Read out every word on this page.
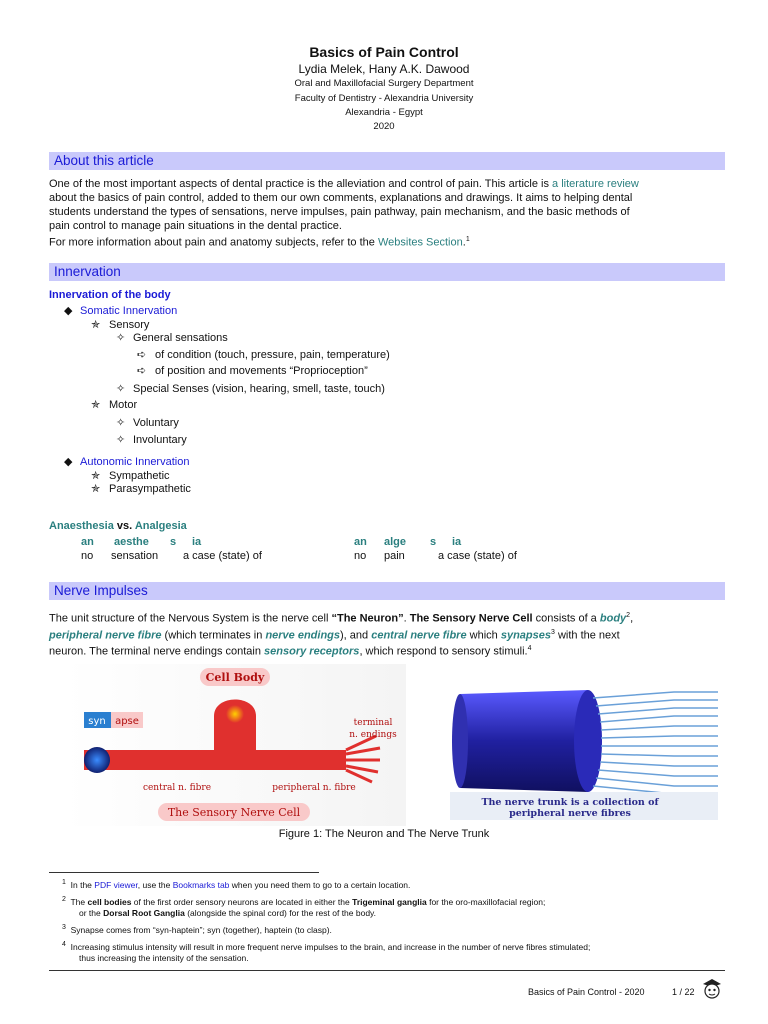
Basics of Pain Control
Lydia Melek, Hany A.K. Dawood
Oral and Maxillofacial Surgery Department
Faculty of Dentistry - Alexandria University
Alexandria - Egypt
2020
About this article
One of the most important aspects of dental practice is the alleviation and control of pain. This article is a literature review
about the basics of pain control, added to them our own comments, explanations and drawings. It aims to helping dental
students understand the types of sensations, nerve impulses, pain pathway, pain mechanism, and the basic methods of
pain control to manage pain situations in the dental practice.
For more information about pain and anatomy subjects, refer to the Websites Section.$^1$
Innervation
Innervation of the body
◆ Somatic Innervation
✯ Sensory
✧ General sensations
➪ of condition (touch, pressure, pain, temperature)
➪ of position and movements “Proprioception”
✧ Special Senses (vision, hearing, smell, taste, touch)
✯ Motor
✧ Voluntary
✧ Involuntary
◆ Autonomic Innervation
✯ Sympathetic
✯ Parasympathetic
Anaesthesia vs. Analgesia
an aesthe s ia	an alge s ia
no sensation a case (state) of	no pain	a case (state) of
Nerve Impulses
The unit structure of the Nervous System is the nerve cell “The Neuron”. The Sensory Nerve Cell consists of a body$^2$,
peripheral nerve fibre (which terminates in nerve endings), and central nerve fibre which synapses$^3$ with the next
neuron. The terminal nerve endings contain sensory receptors, which respond to sensory stimuli.$^4$
Cell Body
syn apse	terminal
n. endings
central n. fibre	peripheral n. fibre
The Sensory Nerve Cell
The nerve trunk is a collection of
peripheral nerve fibres
Figure 1: The Neuron and The Nerve Trunk
$^1$ In the PDF viewer, use the Bookmarks tab when you need them to go to a certain location.
$^2$ The cell bodies of the first order sensory neurons are located in either the Trigeminal ganglia for the oro-maxillofacial region;
or the Dorsal Root Ganglia (alongside the spinal cord) for the rest of the body.
$^3$ Synapse comes from “syn-haptein”; syn (together), haptein (to clasp).
$^4$ Increasing stimulus intensity will result in more frequent nerve impulses to the brain, and increase in the number of nerve fibres stimulated;
thus increasing the intensity of the sensation.
Basics of Pain Control - 2020	1 / 22
